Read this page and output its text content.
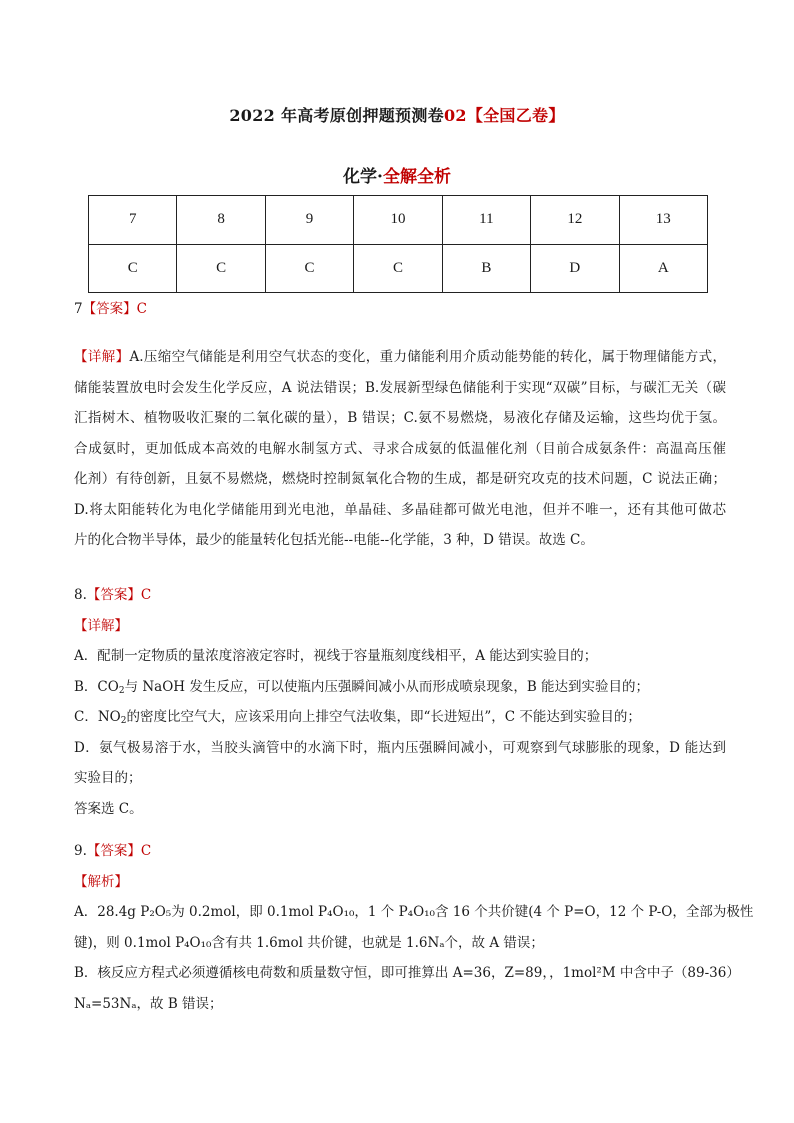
2022 年高考原创押题预测卷02【全国乙卷】
化学·全解全析
7	8	9	10	11	12	13
C	C	C	C	B	D	A

7【答案】C

【详解】A.压缩空气储能是利用空气状态的变化，重力储能利用介质动能势能的转化，属于物理储能方式，

储能装置放电时会发生化学反应，A 说法错误；B.发展新型绿色储能利于实现“双碳”目标，与碳汇无关（碳

汇指树木、植物吸收汇聚的二氧化碳的量），B 错误；C.氨不易燃烧，易液化存储及运输，这些均优于氢。

合成氨时，更加低成本高效的电解水制氢方式、寻求合成氨的低温催化剂（目前合成氨条件：高温高压催

化剂）有待创新，且氨不易燃烧，燃烧时控制氮氧化合物的生成，都是研究攻克的技术问题，C 说法正确；

D.将太阳能转化为电化学储能用到光电池，单晶硅、多晶硅都可做光电池，但并不唯一，还有其他可做芯

片的化合物半导体，最少的能量转化包括光能--电能--化学能，3 种，D 错误。故选 C。

8.【答案】C

【详解】

A．配制一定物质的量浓度溶液定容时，视线于容量瓶刻度线相平，A 能达到实验目的；

B．$CO_2$与 NaOH 发生反应，可以使瓶内压强瞬间减小从而形成喷泉现象，B 能达到实验目的；

C．$NO_2$的密度比空气大，应该采用向上排空气法收集，即“长进短出”，C 不能达到实验目的；

D．氨气极易溶于水，当胶头滴管中的水滴下时，瓶内压强瞬间减小，可观察到气球膨胀的现象，D 能达到

实验目的；

答案选 C。

9.【答案】C

【解析】

A．28.4g P₂O₅为 0.2mol，即 0.1mol P₄O₁₀，1 个 P₄O₁₀含 16 个共价键(4 个 P=O，12 个 P-O，全部为极性

键)，则 0.1mol P₄O₁₀含有共 1.6mol 共价键，也就是 1.6Nₐ个，故 A 错误；

B．核反应方程式必须遵循核电荷数和质量数守恒，即可推算出 A=36，Z=89，，1mol²M 中含中子（89-36）

Nₐ=53Nₐ，故 B 错误；
